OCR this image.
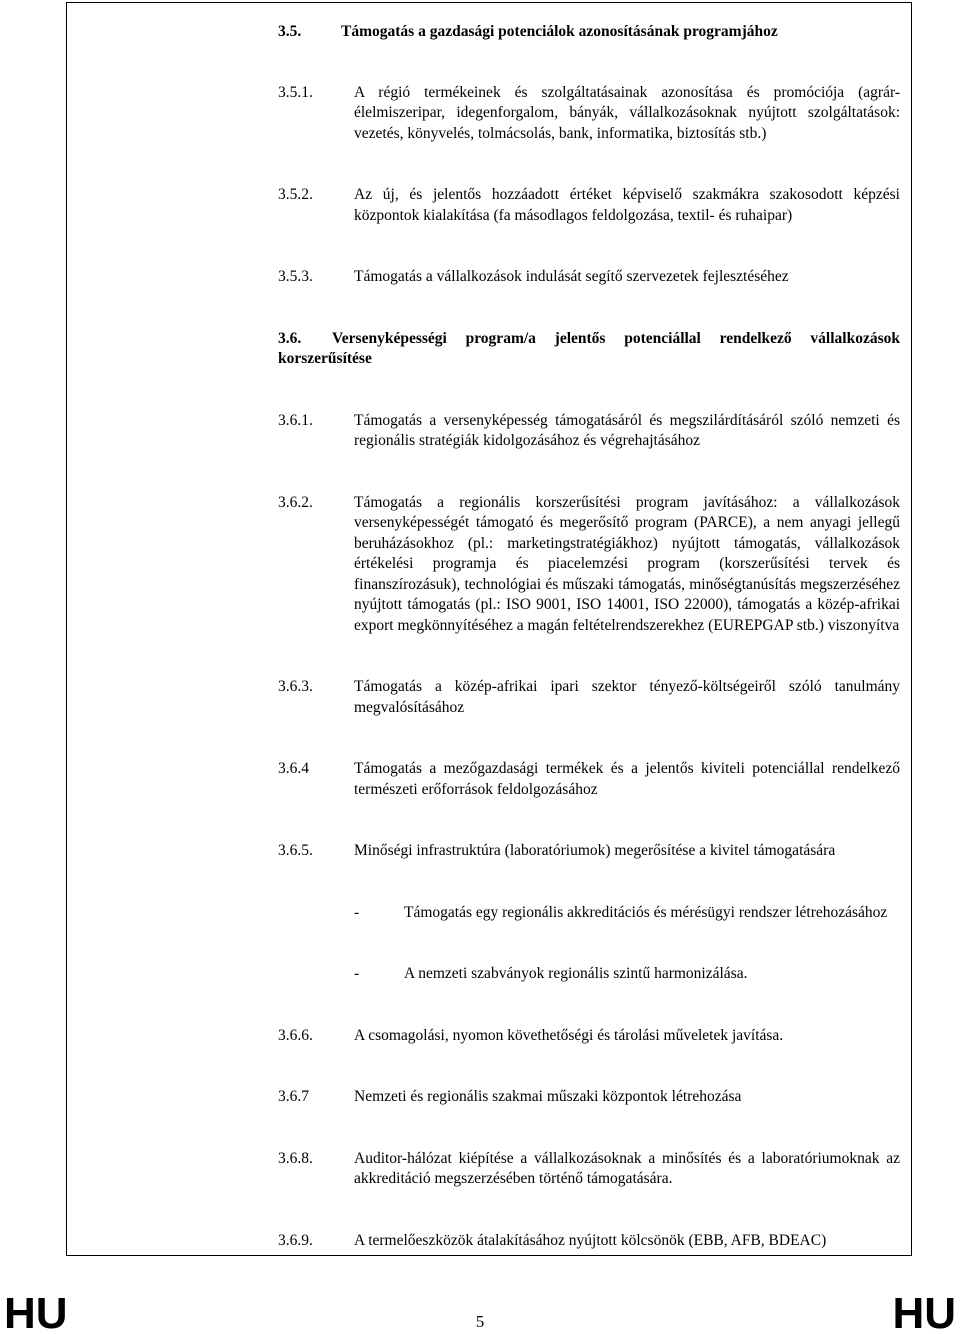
3.5.	Támogatás a gazdasági potenciálok azonosításának programjához
3.5.1.	A régió termékeinek és szolgáltatásainak azonosítása és promóciója (agrár-élelmiszeripar, idegenforgalom, bányák, vállalkozásoknak nyújtott szolgáltatások: vezetés, könyvelés, tolmácsolás, bank, informatika, biztosítás stb.)
3.5.2.	Az új, és jelentős hozzáadott értéket képviselő szakmákra szakosodott képzési központok kialakítása (fa másodlagos feldolgozása, textil- és ruhaipar)
3.5.3.	Támogatás a vállalkozások indulását segítő szervezetek fejlesztéséhez
3.6. Versenyképességi program/a jelentős potenciállal rendelkező vállalkozások korszerűsítése
3.6.1.	Támogatás a versenyképesség támogatásáról és megszilárdításáról szóló nemzeti és regionális stratégiák kidolgozásához és végrehajtásához
3.6.2.	Támogatás a regionális korszerűsítési program javításához: a vállalkozások versenyképességét támogató és megerősítő program (PARCE), a nem anyagi jellegű beruházásokhoz (pl.: marketingstratégiákhoz) nyújtott támogatás, vállalkozások értékelési programja és piacelemzési program (korszerűsítési tervek és finanszírozásuk), technológiai és műszaki támogatás, minőségtanúsítás megszerzéséhez nyújtott támogatás (pl.: ISO 9001, ISO 14001, ISO 22000), támogatás a közép-afrikai export megkönnyítéséhez a magán feltételrendszerekhez (EUREPGAP stb.) viszonyítva
3.6.3.	Támogatás a közép-afrikai ipari szektor tényező-költségeiről szóló tanulmány megvalósításához
3.6.4	Támogatás a mezőgazdasági termékek és a jelentős kiviteli potenciállal rendelkező természeti erőforrások feldolgozásához
3.6.5.	Minőségi infrastruktúra (laboratóriumok) megerősítése a kivitel támogatására
-	Támogatás egy regionális akkreditációs és mérésügyi rendszer létrehozásához
-	A nemzeti szabványok regionális szintű harmonizálása.
3.6.6.	A csomagolási, nyomon követhetőségi és tárolási műveletek javítása.
3.6.7	Nemzeti és regionális szakmai műszaki központok létrehozása
3.6.8.	Auditor-hálózat kiépítése a vállalkozásoknak a minősítés és a laboratóriumoknak az akkreditáció megszerzésében történő támogatására.
3.6.9.	A termelőeszközök átalakításához nyújtott kölcsönök (EBB, AFB, BDEAC)
HU	5	HU
